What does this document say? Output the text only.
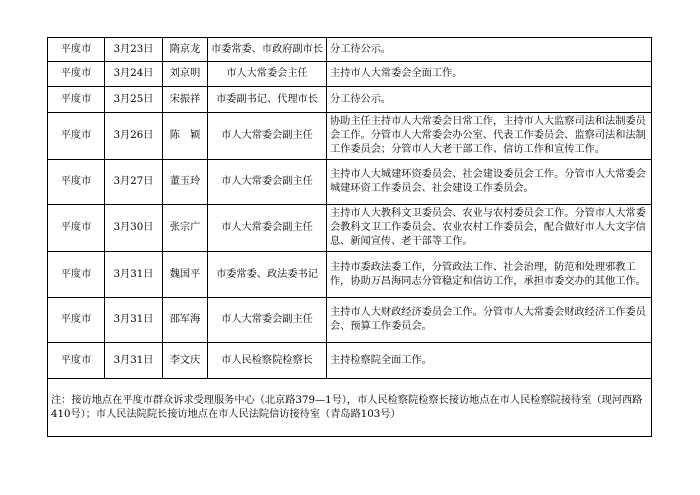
平度市	3月23日	隋京龙	市委常委、市政府副市长	分工待公示。
平度市	3月24日	刘京明	市人大常委会主任	主持市人大常委会全面工作。
平度市	3月25日	宋振祥	市委副书记、代理市长	分工待公示。
平度市	3月26日	陈　颖	市人大常委会副主任	协助主任主持市人大常委会日常工作，主持市人大监察司法和法制委员会工作。分管市人大常委会办公室、代表工作委员会、监察司法和法制工作委员会；分管市人大老干部工作、信访工作和宣传工作。
平度市	3月27日	董玉玲	市人大常委会副主任	主持市人大城建环资委员会、社会建设委员会工作。分管市人大常委会城建环资工作委员会、社会建设工作委员会。
平度市	3月30日	张宗广	市人大常委会副主任	主持市人大教科文卫委员会、农业与农村委员会工作。分管市人大常委会教科文卫工作委员会、农业农村工作委员会，配合做好市人大文字信息、新闻宣传、老干部等工作。
平度市	3月31日	魏国平	市委常委、政法委书记	主持市委政法委工作，分管政法工作、社会治理，防范和处理邪教工作，协助万昌海同志分管稳定和信访工作，承担市委交办的其他工作。
平度市	3月31日	邵军海	市人大常委会副主任	主持市人大财政经济委员会工作。分管市人大常委会财政经济工作委员会、预算工作委员会。
平度市	3月31日	李文庆	市人民检察院检察长	主持检察院全面工作。
注：接访地点在平度市群众诉求受理服务中心（北京路379—1号），市人民检察院检察长接访地点在市人民检察院接待室（现河西路410号）；市人民法院院长接访地点在市人民法院信访接待室（青岛路103号）				
